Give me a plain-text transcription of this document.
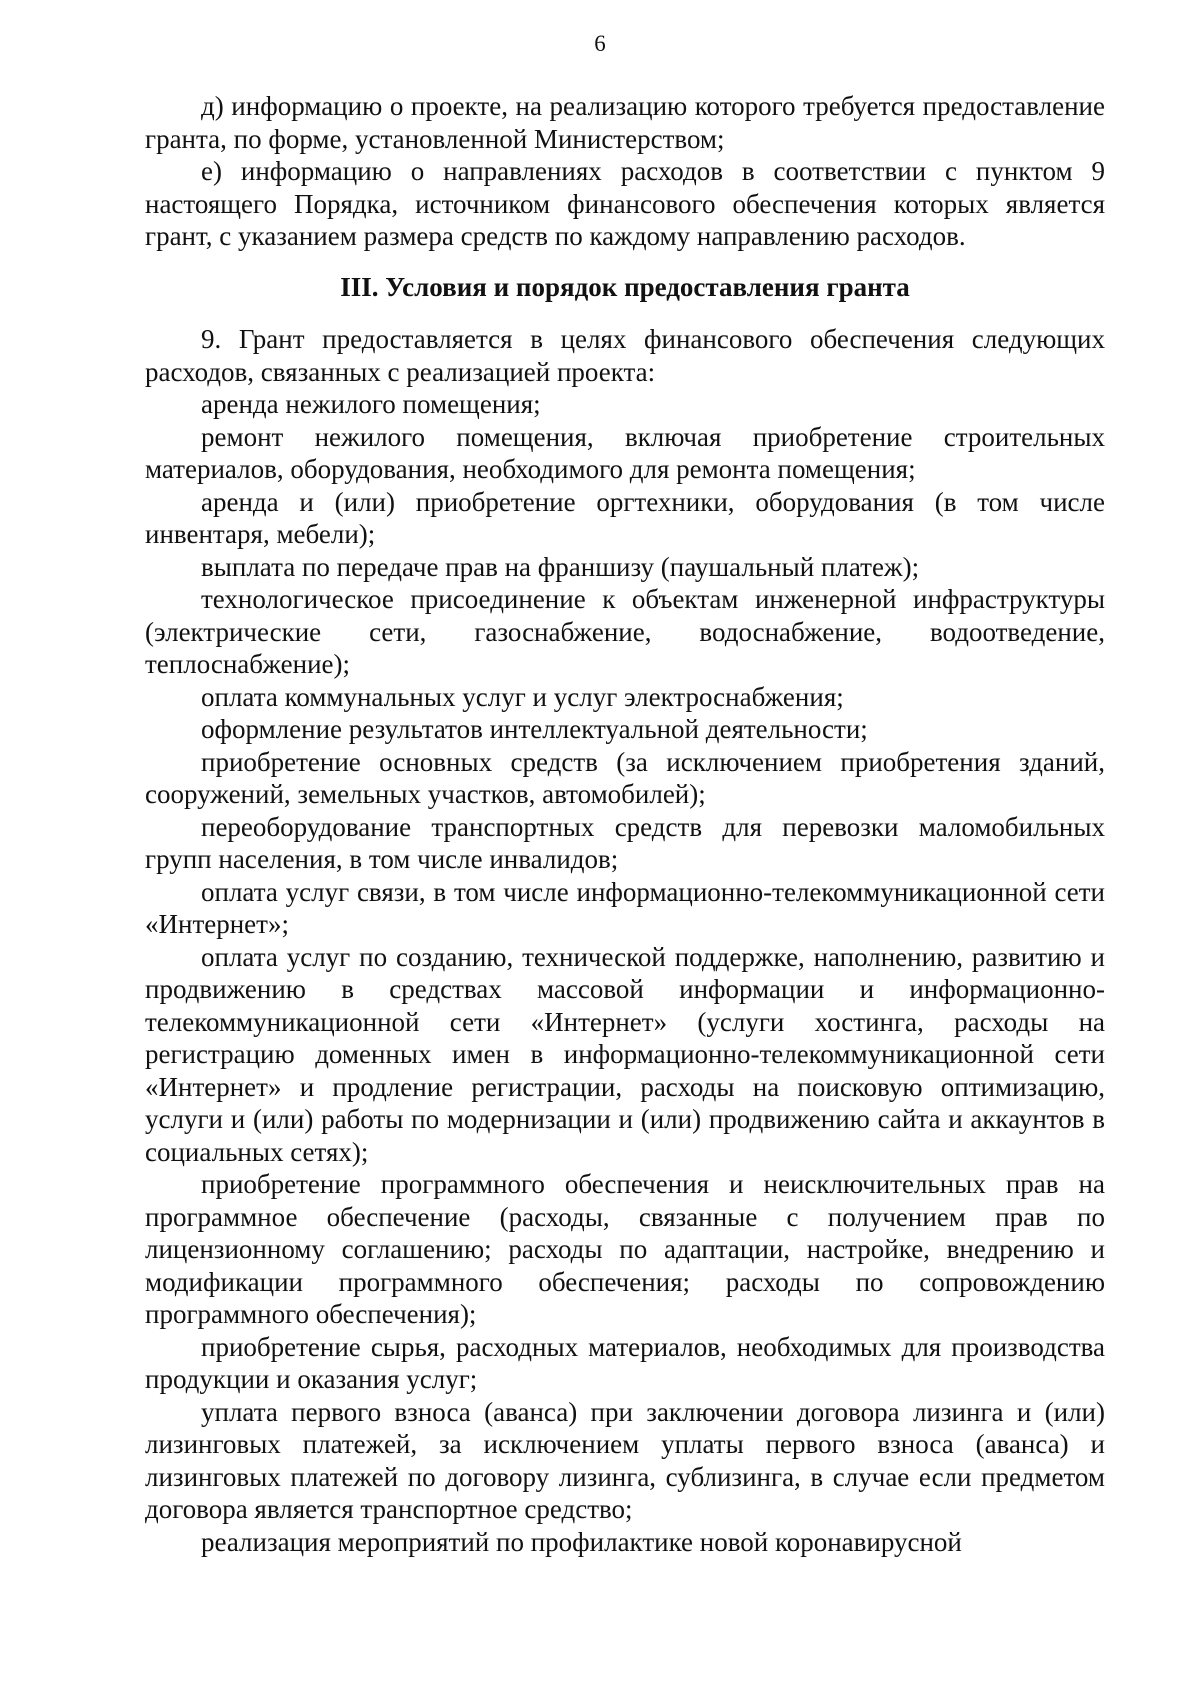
6

д) информацию о проекте, на реализацию которого требуется предоставление гранта, по форме, установленной Министерством;

е) информацию о направлениях расходов в соответствии с пунктом 9 настоящего Порядка, источником финансового обеспечения которых является грант, с указанием размера средств по каждому направлению расходов.

III. Условия и порядок предоставления гранта

9. Грант предоставляется в целях финансового обеспечения следующих расходов, связанных с реализацией проекта:

аренда нежилого помещения;

ремонт нежилого помещения, включая приобретение строительных материалов, оборудования, необходимого для ремонта помещения;

аренда и (или) приобретение оргтехники, оборудования (в том числе инвентаря, мебели);

выплата по передаче прав на франшизу (паушальный платеж);

технологическое присоединение к объектам инженерной инфраструктуры (электрические сети, газоснабжение, водоснабжение, водоотведение, теплоснабжение);

оплата коммунальных услуг и услуг электроснабжения;

оформление результатов интеллектуальной деятельности;

приобретение основных средств (за исключением приобретения зданий, сооружений, земельных участков, автомобилей);

переоборудование транспортных средств для перевозки маломобильных групп населения, в том числе инвалидов;

оплата услуг связи, в том числе информационно-телекоммуникационной сети «Интернет»;

оплата услуг по созданию, технической поддержке, наполнению, развитию и продвижению в средствах массовой информации и информационно-телекоммуникационной сети «Интернет» (услуги хостинга, расходы на регистрацию доменных имен в информационно-телекоммуникационной сети «Интернет» и продление регистрации, расходы на поисковую оптимизацию, услуги и (или) работы по модернизации и (или) продвижению сайта и аккаунтов в социальных сетях);

приобретение программного обеспечения и неисключительных прав на программное обеспечение (расходы, связанные с получением прав по лицензионному соглашению; расходы по адаптации, настройке, внедрению и модификации программного обеспечения; расходы по сопровождению программного обеспечения);

приобретение сырья, расходных материалов, необходимых для производства продукции и оказания услуг;

уплата первого взноса (аванса) при заключении договора лизинга и (или) лизинговых платежей, за исключением уплаты первого взноса (аванса) и лизинговых платежей по договору лизинга, сублизинга, в случае если предметом договора является транспортное средство;

реализация мероприятий по профилактике новой коронавирусной
